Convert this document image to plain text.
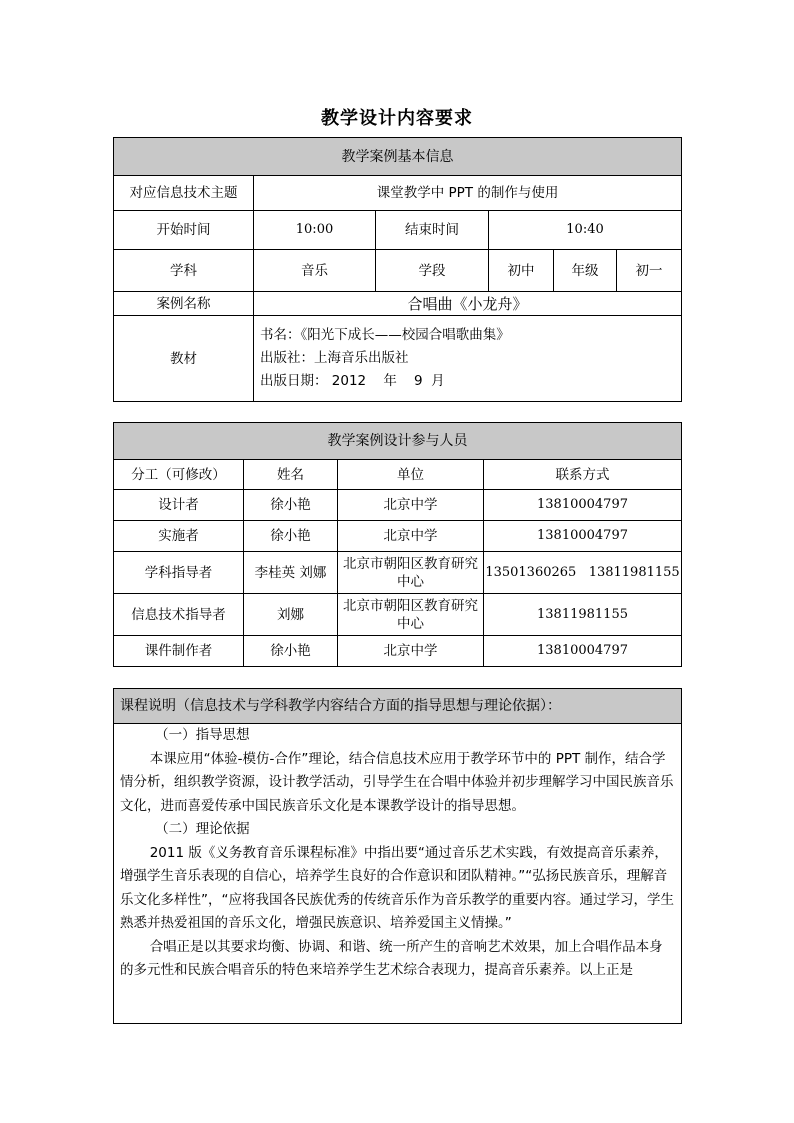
教学设计内容要求
教学案例基本信息					
对应信息技术主题	课堂教学中 PPT 的制作与使用				
开始时间	10:00	结束时间	10:40		
学科	音乐	学段	初中	年级	初一
案例名称	合唱曲《小龙舟》				
教材	书名：《阳光下成长——校园合唱歌曲集》
出版社：上海音乐出版社
出版日期： 2012    年    9  月				
教学案例设计参与人员			
分工（可修改）	姓名	单位	联系方式
设计者	徐小艳	北京中学	13810004797
实施者	徐小艳	北京中学	13810004797
学科指导者	李桂英 刘娜	北京市朝阳区教育研究中心	13501360265   13811981155
信息技术指导者	刘娜	北京市朝阳区教育研究中心	13811981155
课件制作者	徐小艳	北京中学	13810004797
课程说明（信息技术与学科教学内容结合方面的指导思想与理论依据）：

（一）指导思想

本课应用“体验-模仿-合作”理论，结合信息技术应用于教学环节中的 PPT 制作，结合学情分析，组织教学资源，设计教学活动，引导学生在合唱中体验并初步理解学习中国民族音乐文化，进而喜爱传承中国民族音乐文化是本课教学设计的指导思想。

（二）理论依据

2011 版《义务教育音乐课程标准》中指出要“通过音乐艺术实践，有效提高音乐素养，增强学生音乐表现的自信心，培养学生良好的合作意识和团队精神。”“弘扬民族音乐，理解音乐文化多样性”，“应将我国各民族优秀的传统音乐作为音乐教学的重要内容。通过学习，学生熟悉并热爱祖国的音乐文化，增强民族意识、培养爱国主义情操。”

合唱正是以其要求均衡、协调、和谐、统一所产生的音响艺术效果，加上合唱作品本身的多元性和民族合唱音乐的特色来培养学生艺术综合表现力，提高音乐素养。以上正是
